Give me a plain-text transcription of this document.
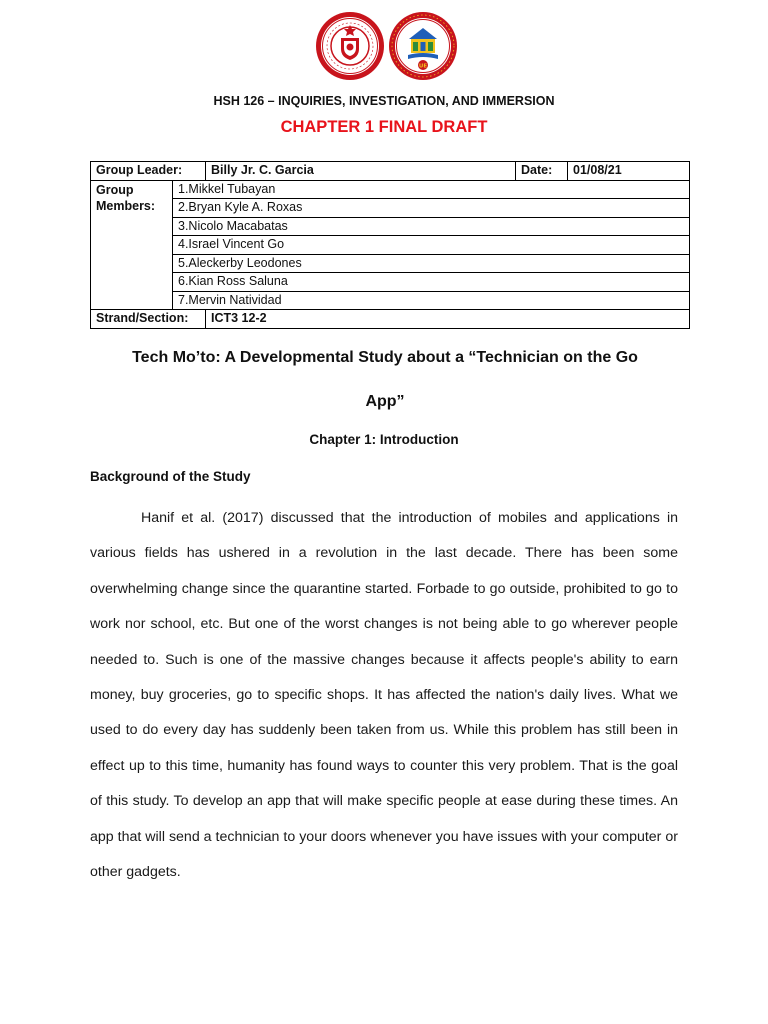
UE
HSH 126 – INQUIRIES, INVESTIGATION, AND IMMERSION
CHAPTER 1 FINAL DRAFT
Group Leader:		Billy Jr. C. Garcia	Date:	01/08/21
Group Members:	1.Mikkel Tubayan			
	2.Bryan Kyle A. Roxas			
	3.Nicolo Macabatas			
	4.Israel Vincent Go			
	5.Aleckerby Leodones			
	6.Kian Ross Saluna			
	7.Mervin Natividad			
Strand/Section:		ICT3 12-2		
Tech Mo’to: A Developmental Study about a “Technician on the Go
App”
Chapter 1: Introduction
Background of the Study
Hanif et al. (2017) discussed that the introduction of mobiles and applications in various fields has ushered in a revolution in the last decade. There has been some overwhelming change since the quarantine started. Forbade to go outside, prohibited to go to work nor school, etc. But one of the worst changes is not being able to go wherever people needed to. Such is one of the massive changes because it affects people's ability to earn money, buy groceries, go to specific shops. It has affected the nation's daily lives. What we used to do every day has suddenly been taken from us. While this problem has still been in effect up to this time, humanity has found ways to counter this very problem. That is the goal of this study. To develop an app that will make specific people at ease during these times. An app that will send a technician to your doors whenever you have issues with your computer or other gadgets.
